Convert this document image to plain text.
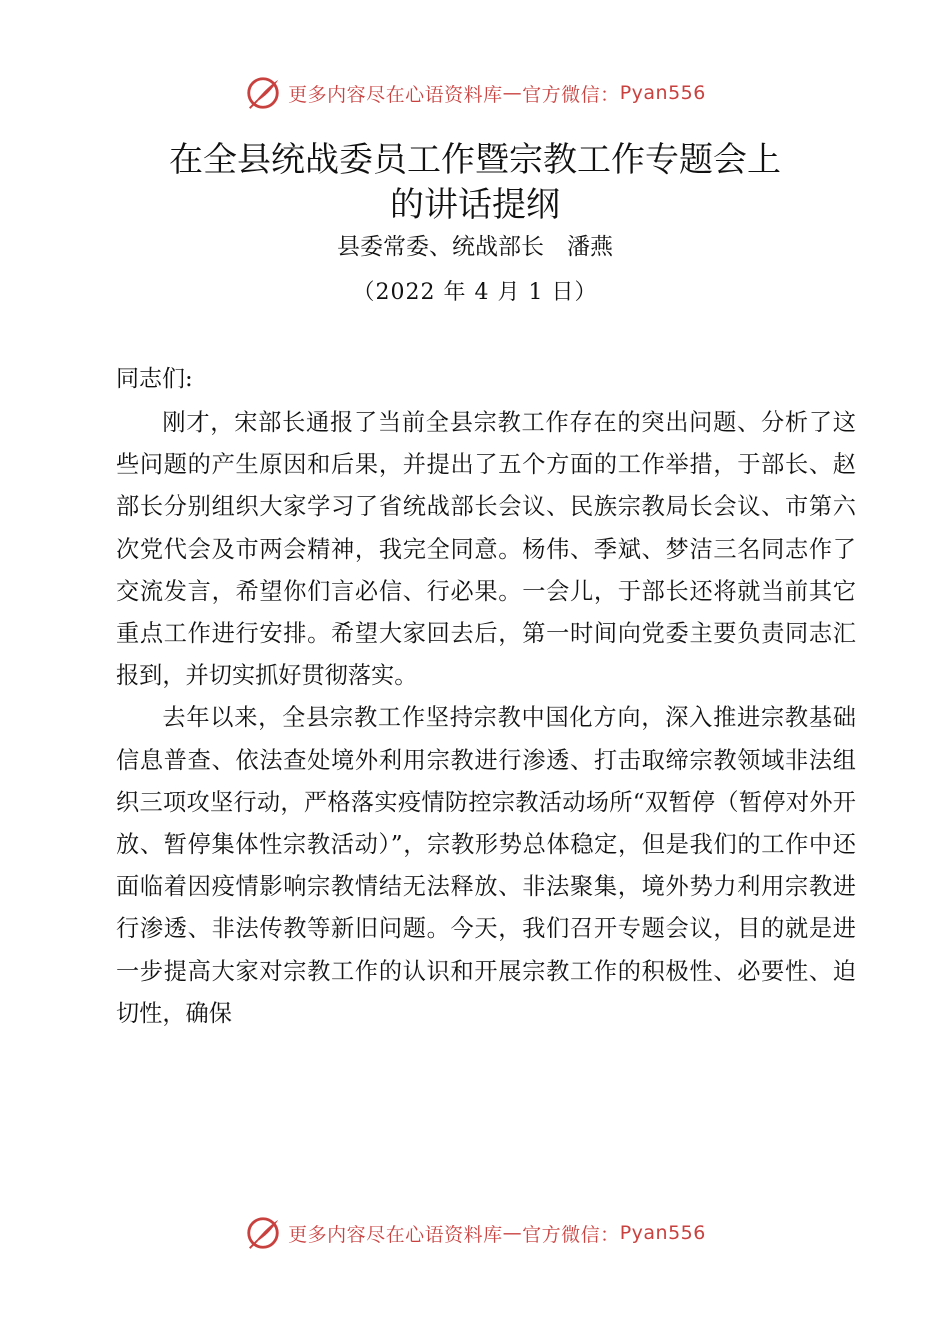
更多内容尽在心语资料库 — 官方微信： Pyan556
在全县统战委员工作暨宗教工作专题会上
的讲话提纲
县委常委、统战部长　潘燕
（2022 年 4 月 1 日）
同志们:

刚才，宋部长通报了当前全县宗教工作存在的突出问题、分析了这些问题的产生原因和后果，并提出了五个方面的工作举措，于部长、赵部长分别组织大家学习了省统战部长会议、民族宗教局长会议、市第六次党代会及市两会精神，我完全同意。杨伟、季斌、梦洁三名同志作了交流发言，希望你们言必信、行必果。一会儿，于部长还将就当前其它重点工作进行安排。希望大家回去后，第一时间向党委主要负责同志汇报到，并切实抓好贯彻落实。

去年以来，全县宗教工作坚持宗教中国化方向，深入推进宗教基础信息普查、依法查处境外利用宗教进行渗透、打击取缔宗教领域非法组织三项攻坚行动，严格落实疫情防控宗教活动场所“双暂停（暂停对外开放、暂停集体性宗教活动）”，宗教形势总体稳定，但是我们的工作中还面临着因疫情影响宗教情结无法释放、非法聚集，境外势力利用宗教进行渗透、非法传教等新旧问题。今天，我们召开专题会议，目的就是进一步提高大家对宗教工作的认识和开展宗教工作的积极性、必要性、迫切性，确保

更多内容尽在心语资料库 — 官方微信： Pyan556
